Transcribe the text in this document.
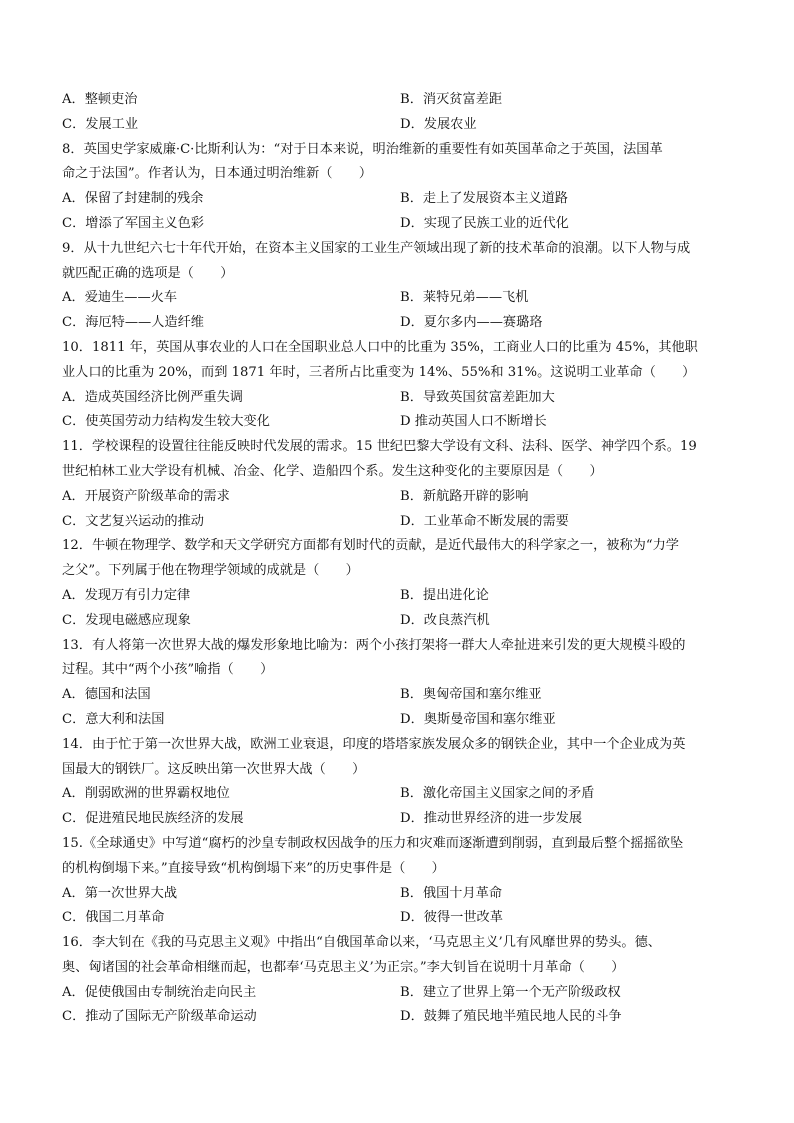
A．整顿吏治	B．消灭贫富差距
C．发展工业	D．发展农业
8．英国史学家威廉·C·比斯利认为：“对于日本来说，明治维新的重要性有如英国革命之于英国，法国革
命之于法国”。作者认为，日本通过明治维新（　　）
A．保留了封建制的残余	B．走上了发展资本主义道路
C．增添了军国主义色彩	D．实现了民族工业的近代化
9．从十九世纪六七十年代开始，在资本主义国家的工业生产领域出现了新的技术革命的浪潮。以下人物与成
就匹配正确的选项是（　　）
A．爱迪生——火车	B．莱特兄弟——飞机
C．海厄特——人造纤维	D．夏尔多内——赛璐珞
10．1811 年，英国从事农业的人口在全国职业总人口中的比重为 35%，工商业人口的比重为 45%，其他职
业人口的比重为 20%，而到 1871 年时，三者所占比重变为 14%、55%和 31%。这说明工业革命（　　）
A．造成英国经济比例严重失调	B．导致英国贫富差距加大
C．使英国劳动力结构发生较大变化	D 推动英国人口不断增长
11．学校课程的设置往往能反映时代发展的需求。15 世纪巴黎大学设有文科、法科、医学、神学四个系。19
世纪柏林工业大学设有机械、冶金、化学、造船四个系。发生这种变化的主要原因是（　　）
A．开展资产阶级革命的需求	B．新航路开辟的影响
C．文艺复兴运动的推动	D．工业革命不断发展的需要
12．牛顿在物理学、数学和天文学研究方面都有划时代的贡献，是近代最伟大的科学家之一，被称为“力学
之父”。下列属于他在物理学领域的成就是（　　）
A．发现万有引力定律	B．提出进化论
C．发现电磁感应现象	D．改良蒸汽机
13．有人将第一次世界大战的爆发形象地比喻为：两个小孩打架将一群大人牵扯进来引发的更大规模斗殴的
过程。其中“两个小孩”喻指（　　）
A．德国和法国	B．奥匈帝国和塞尔维亚
C．意大利和法国	D．奥斯曼帝国和塞尔维亚
14．由于忙于第一次世界大战，欧洲工业衰退，印度的塔塔家族发展众多的钢铁企业，其中一个企业成为英
国最大的钢铁厂。这反映出第一次世界大战（　　）
A．削弱欧洲的世界霸权地位	B．激化帝国主义国家之间的矛盾
C．促进殖民地民族经济的发展	D．推动世界经济的进一步发展
15.《全球通史》中写道“腐朽的沙皇专制政权因战争的压力和灾难而逐渐遭到削弱，直到最后整个摇摇欲坠
的机构倒塌下来。”直接导致“机构倒塌下来”的历史事件是（　　）
A．第一次世界大战	B．俄国十月革命
C．俄国二月革命	D．彼得一世改革
16．李大钊在《我的马克思主义观》中指出“自俄国革命以来，‘马克思主义’几有风靡世界的势头。德、
奥、匈诸国的社会革命相继而起，也都奉‘马克思主义’为正宗。”李大钊旨在说明十月革命（　　）
A．促使俄国由专制统治走向民主	B．建立了世界上第一个无产阶级政权
C．推动了国际无产阶级革命运动	D．鼓舞了殖民地半殖民地人民的斗争
